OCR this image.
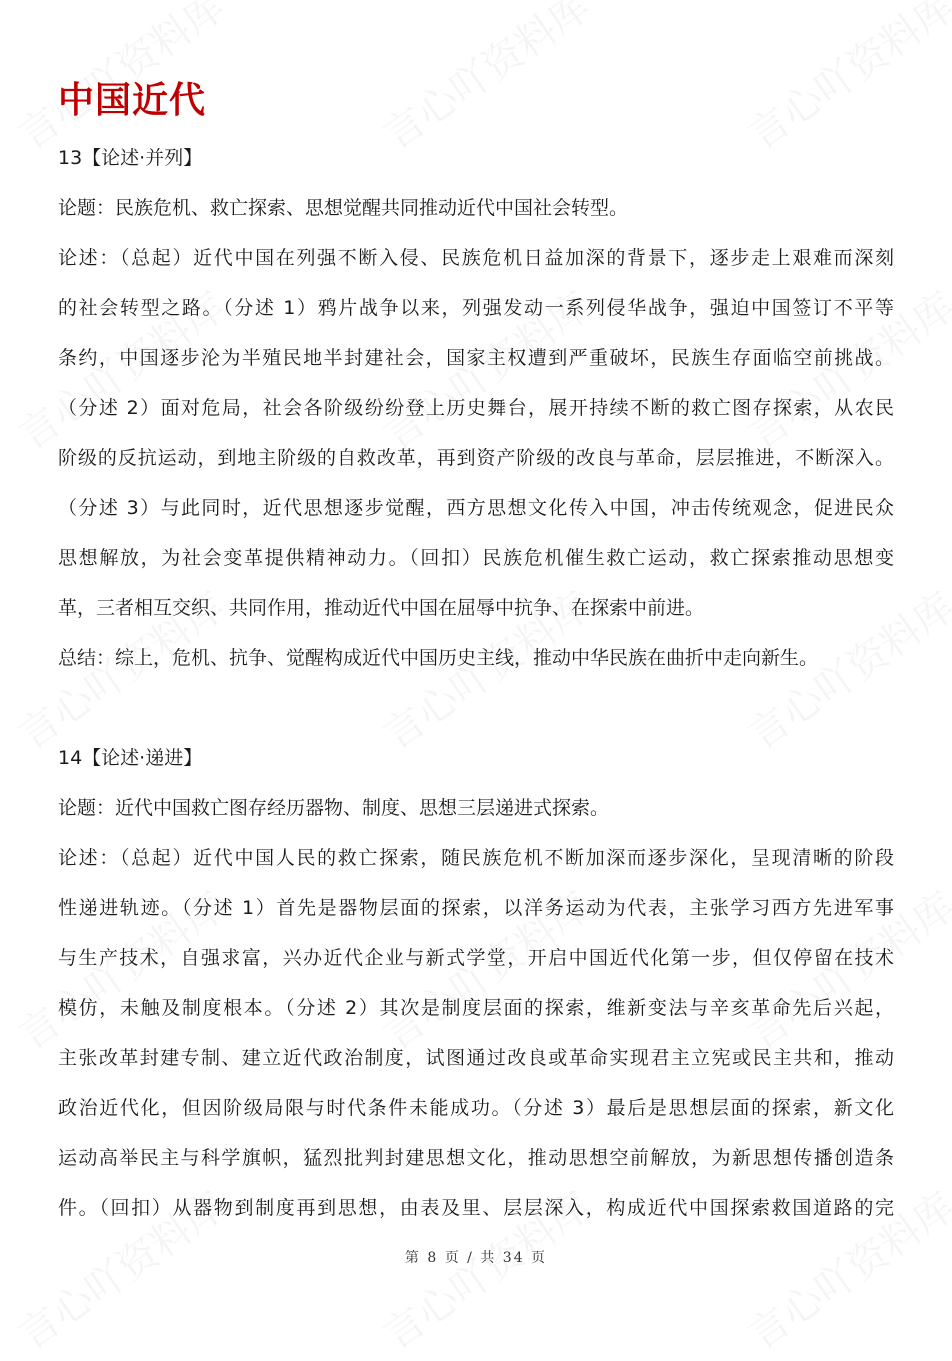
中国近代
13【论述·并列】
论题：民族危机、救亡探索、思想觉醒共同推动近代中国社会转型。
论述：（总起）近代中国在列强不断入侵、民族危机日益加深的背景下，逐步走上艰难而深刻
的社会转型之路。（分述 1）鸦片战争以来，列强发动一系列侵华战争，强迫中国签订不平等
条约，中国逐步沦为半殖民地半封建社会，国家主权遭到严重破坏，民族生存面临空前挑战。
（分述 2）面对危局，社会各阶级纷纷登上历史舞台，展开持续不断的救亡图存探索，从农民
阶级的反抗运动，到地主阶级的自救改革，再到资产阶级的改良与革命，层层推进，不断深入。
（分述 3）与此同时，近代思想逐步觉醒，西方思想文化传入中国，冲击传统观念，促进民众
思想解放，为社会变革提供精神动力。（回扣）民族危机催生救亡运动，救亡探索推动思想变
革，三者相互交织、共同作用，推动近代中国在屈辱中抗争、在探索中前进。
总结：综上，危机、抗争、觉醒构成近代中国历史主线，推动中华民族在曲折中走向新生。
14【论述·递进】
论题：近代中国救亡图存经历器物、制度、思想三层递进式探索。
论述：（总起）近代中国人民的救亡探索，随民族危机不断加深而逐步深化，呈现清晰的阶段
性递进轨迹。（分述 1）首先是器物层面的探索，以洋务运动为代表，主张学习西方先进军事
与生产技术，自强求富，兴办近代企业与新式学堂，开启中国近代化第一步，但仅停留在技术
模仿，未触及制度根本。（分述 2）其次是制度层面的探索，维新变法与辛亥革命先后兴起，
主张改革封建专制、建立近代政治制度，试图通过改良或革命实现君主立宪或民主共和，推动
政治近代化，但因阶级局限与时代条件未能成功。（分述 3）最后是思想层面的探索，新文化
运动高举民主与科学旗帜，猛烈批判封建思想文化，推动思想空前解放，为新思想传播创造条
件。（回扣）从器物到制度再到思想，由表及里、层层深入，构成近代中国探索救国道路的完
第 8 页 / 共 34 页
